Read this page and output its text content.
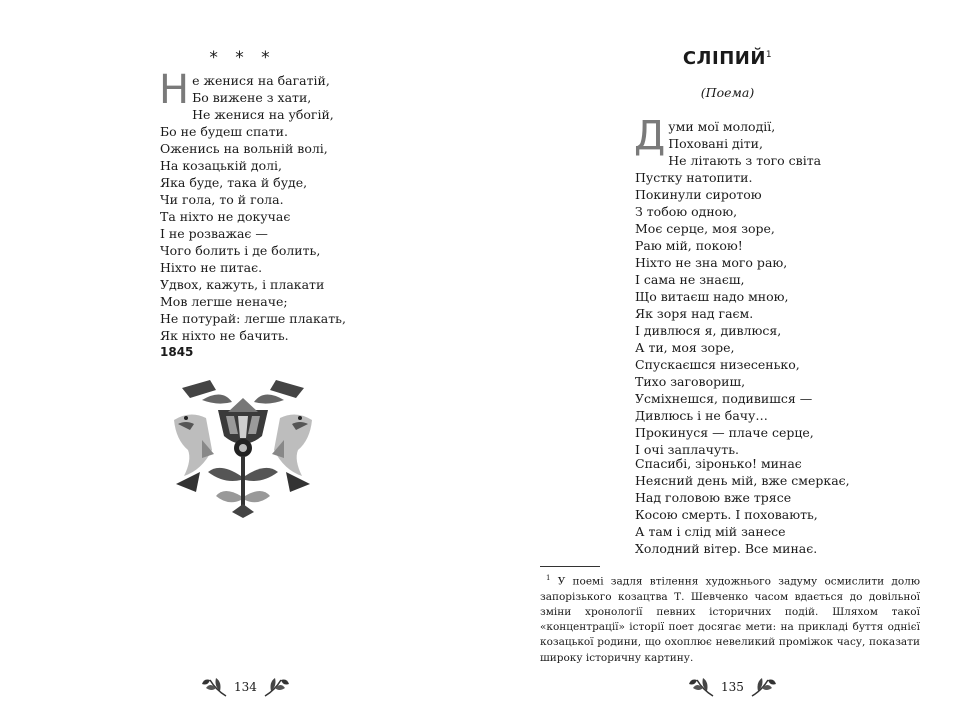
* * *
Н е женися на багатій,
Бо вижене з хати,
Не женися на убогій,
Бо не будеш спати.
Оженись на вольній волі,
На козацькій долі,
Яка буде, така й буде,
Чи гола, то й гола.
Та ніхто не докучає
І не розважає —
Чого болить і де болить,
Ніхто не питає.
Удвох, кажуть, і плакати
Мов легше неначе;
Не потурай: легше плакать,
Як ніхто не бачить.
1845
134
СЛІПИЙ$^1$
(Поема)
Д уми мої молодії,
Поховані діти,
Не літають з того світа
Пустку натопити.
Покинули сиротою
З тобою одною,
Моє серце, моя зоре,
Раю мій, покою!
Ніхто не зна мого раю,
І сама не знаєш,
Що витаєш надо мною,
Як зоря над гаєм.
І дивлюся я, дивлюся,
А ти, моя зоре,
Спускаєшся низесенько,
Тихо заговориш,
Усміхнешся, подивишся —
Дивлюсь і не бачу…
Прокинуся — плаче серце,
І очі заплачуть.
Спасибі, зіронько! минає
Неясний день мій, вже смеркає,
Над головою вже трясе
Косою смерть. І поховають,
А там і слід мій занесе
Холодний вітер. Все минає.
$^1$ У поемі задля втілення художнього задуму осмислити долю запорізького козацтва Т. Шевченко часом вдається до довільної зміни хронології певних історичних подій. Шляхом такої «концентрації» історії поет досягає мети: на прикладі буття однієї козацької родини, що охоплює невеликий проміжок часу, показати широку історичну картину.
135
